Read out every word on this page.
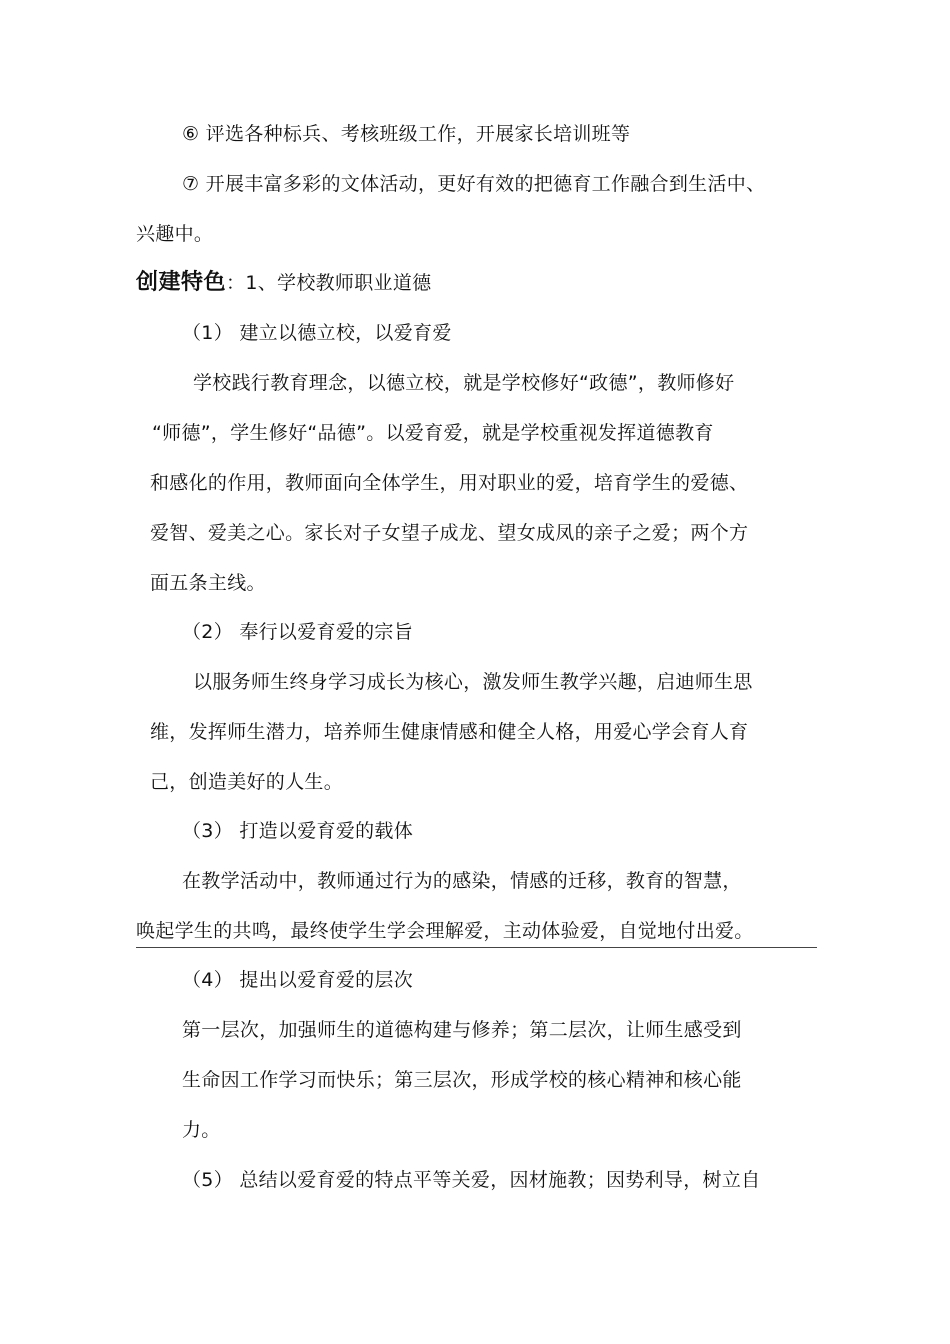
⑥ 评选各种标兵、考核班级工作，开展家长培训班等
⑦ 开展丰富多彩的文体活动，更好有效的把德育工作融合到生活中、
兴趣中。
创建特色：1、学校教师职业道德
（1） 建立以德立校，以爱育爱
学校践行教育理念，以德立校，就是学校修好“政德”，教师修好
“师德”，学生修好“品德”。以爱育爱，就是学校重视发挥道德教育
和感化的作用，教师面向全体学生，用对职业的爱，培育学生的爱德、
爱智、爱美之心。家长对子女望子成龙、望女成凤的亲子之爱；两个方
面五条主线。
（2） 奉行以爱育爱的宗旨
以服务师生终身学习成长为核心，激发师生教学兴趣，启迪师生思
维，发挥师生潜力，培养师生健康情感和健全人格，用爱心学会育人育
己，创造美好的人生。
（3） 打造以爱育爱的载体
在教学活动中，教师通过行为的感染，情感的迁移，教育的智慧，
唤起学生的共鸣，最终使学生学会理解爱，主动体验爱，自觉地付出爱。
（4） 提出以爱育爱的层次
第一层次，加强师生的道德构建与修养；第二层次，让师生感受到
生命因工作学习而快乐；第三层次，形成学校的核心精神和核心能
力。
（5） 总结以爱育爱的特点平等关爱，因材施教；因势利导，树立自
